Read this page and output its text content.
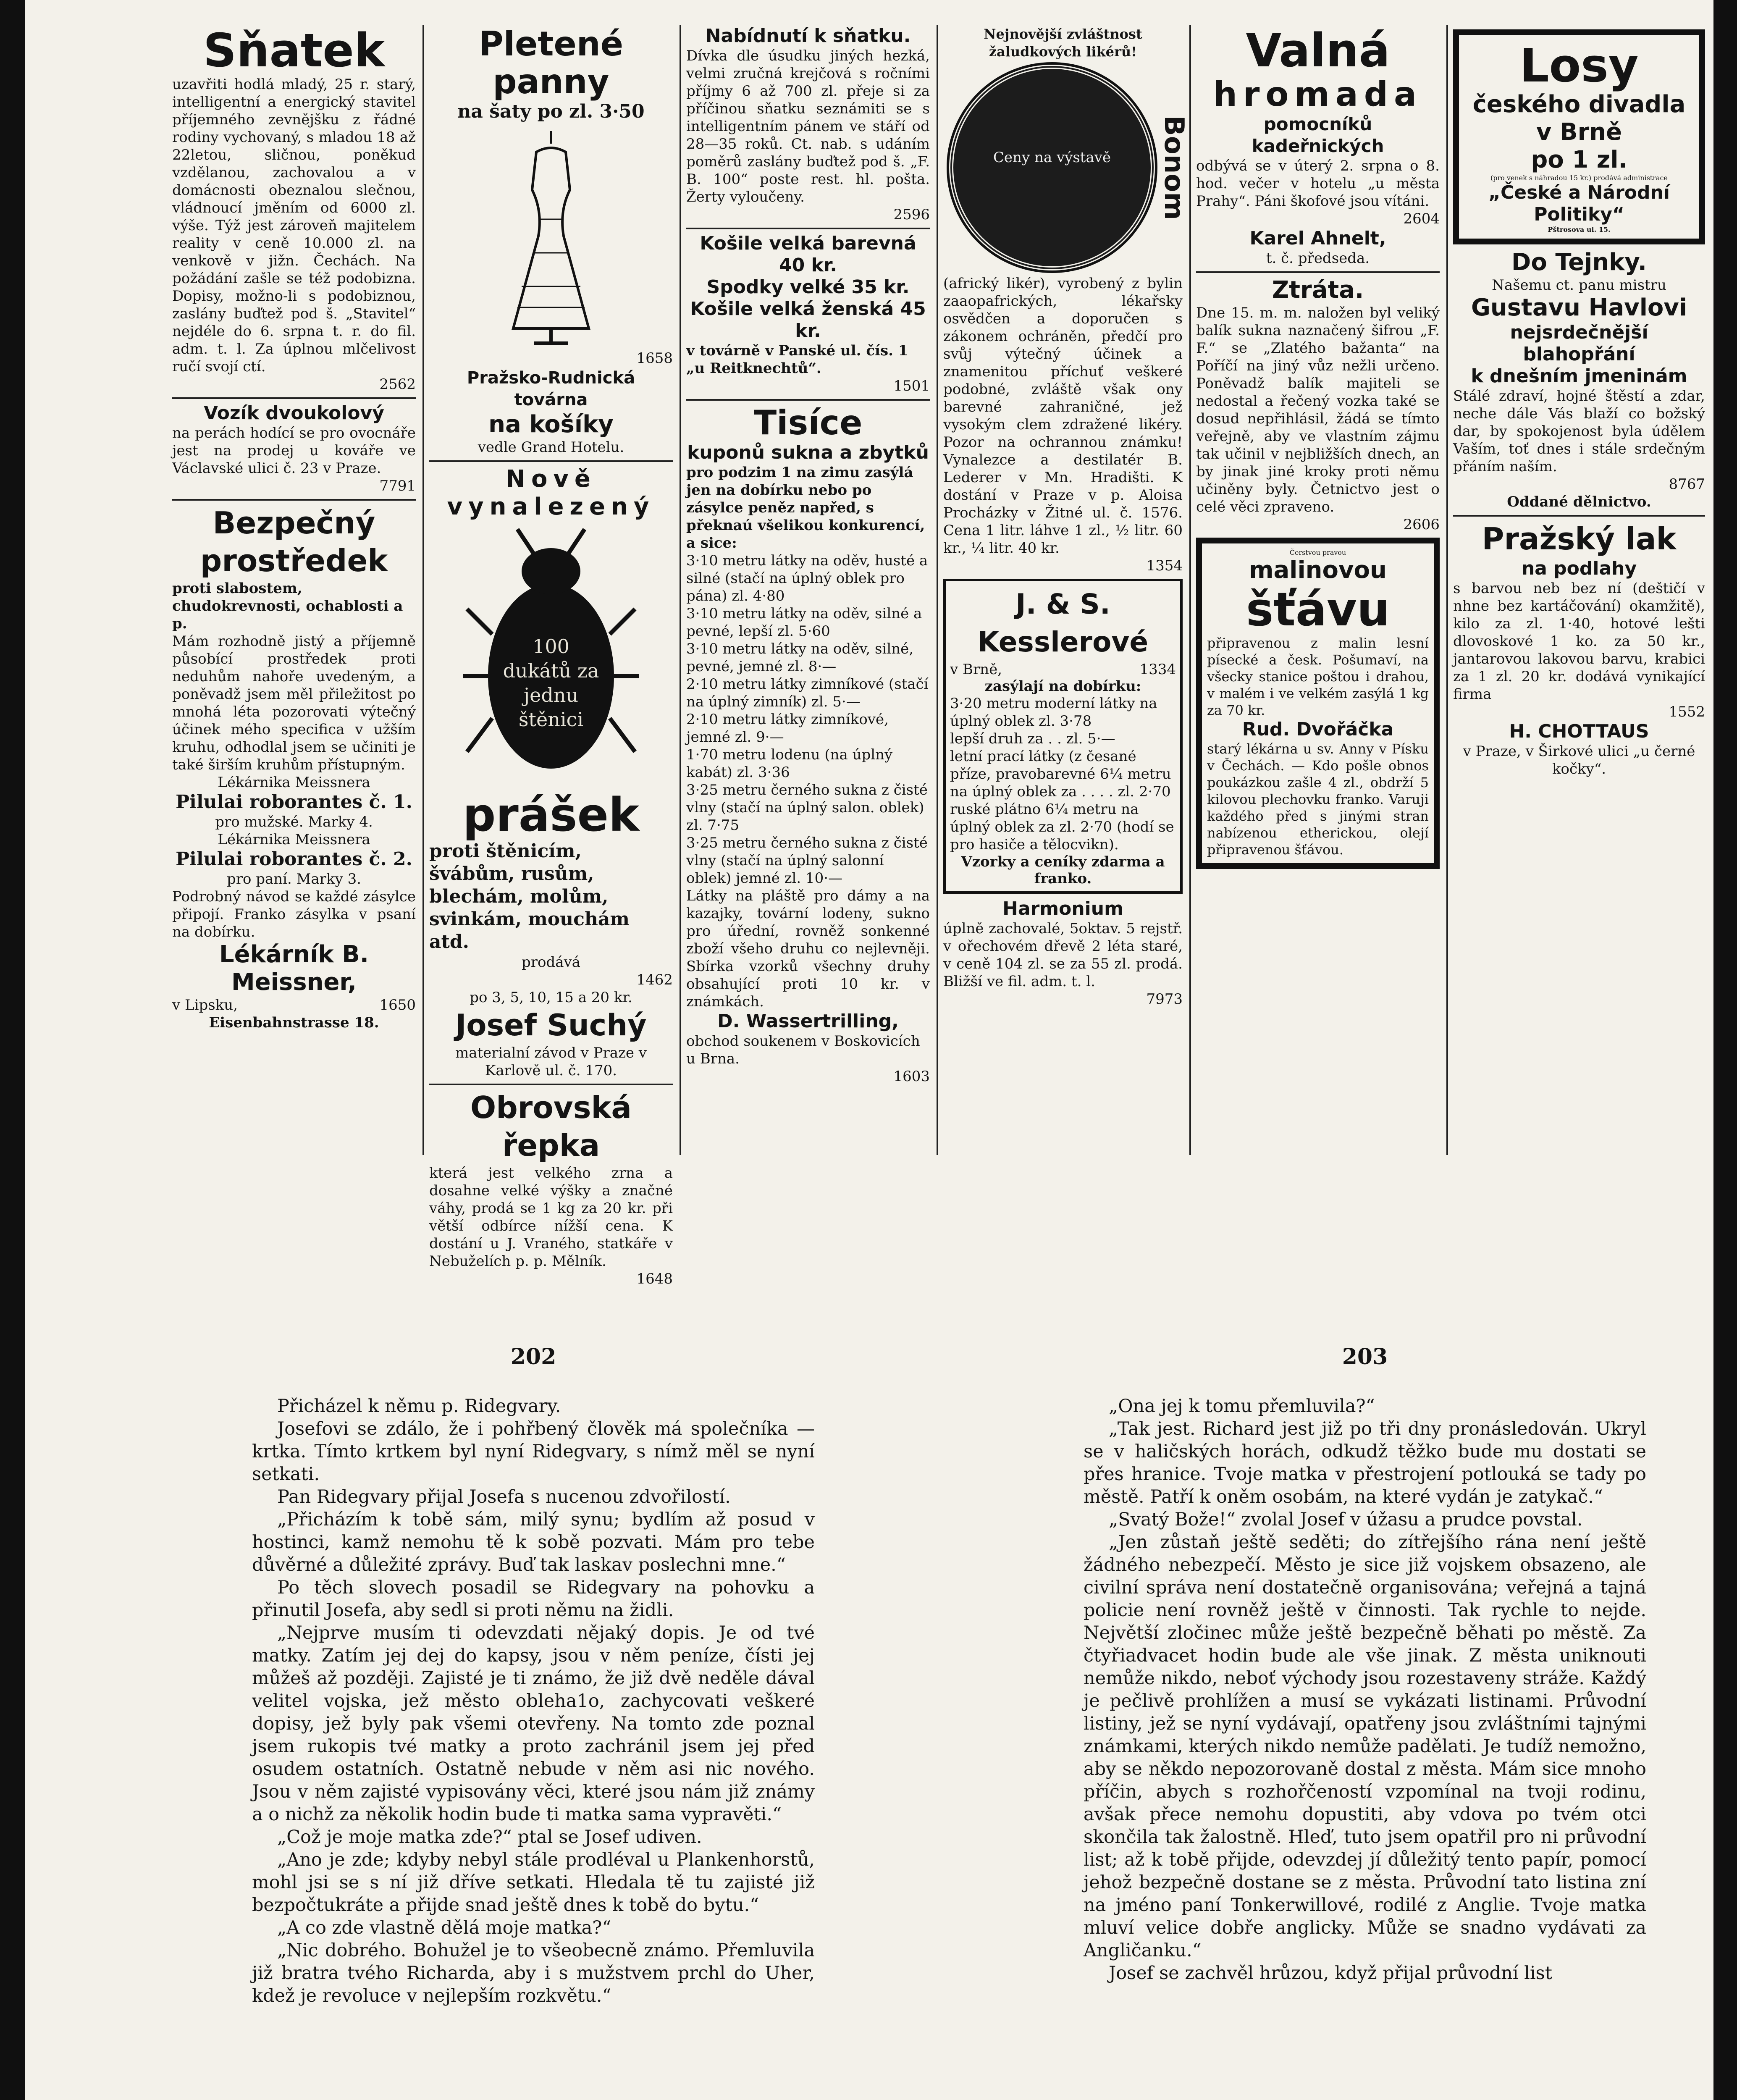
Sňatek
uzavřiti hodlá mladý, 25 r. starý, intelligentní a energický stavitel příjemného zevnějšku z řádné rodiny vychovaný, s mladou 18 až 22letou, sličnou, poněkud vzdělanou, zachovalou a v domácnosti obeznalou slečnou, vládnoucí jměním od 6000 zl. výše. Týž jest zároveň majitelem reality v ceně 10.000 zl. na venkově v jižn. Čechách. Na požádání zašle se též podobizna. Dopisy, možno-li s podobiznou, zaslány buďtež pod š. „Stavitel“ nejdéle do 6. srpna t. r. do fil. adm. t. l. Za úplnou mlčelivost ručí svojí ctí.
2562
Vozík dvoukolový
na perách hodící se pro ovocnáře jest na prodej u kováře ve Václavské ulici č. 23 v Praze.
7791
Bezpečný prostředek
proti slabostem, chudokrevnosti, ochablosti a p.
Mám rozhodně jistý a příjemně působící prostředek proti neduhům nahoře uvedeným, a poněvadž jsem měl přiležitost po mnohá léta pozorovati výtečný účinek mého specifica v užším kruhu, odhodlal jsem se učiniti je také širším kruhům přístupným.
Lékárnika Meissnera
Pilulai roborantes č. 1.
pro mužské. Marky 4.
Lékárnika Meissnera
Pilulai roborantes č. 2.
pro paní. Marky 3.
Podrobný návod se každé zásylce připojí. Franko zásylka v psaní na dobírku.
Lékárník B. Meissner,
v Lipsku,	1650
Eisenbahnstrasse 18.
Pletené panny
na šaty po zl. 3·50
1658
Pražsko-Rudnická továrna
na košíky
vedle Grand Hotelu.
Nově vynalezený
100 dukátů za jednu štěnici
prášek
proti štěnicím, švábům, rusům, blechám, molům, svinkám, mouchám atd.
prodává
1462
po 3, 5, 10, 15 a 20 kr.
Josef Suchý
materialní závod v Praze v Karlově ul. č. 170.
Obrovská řepka
která jest velkého zrna a dosahne velké výšky a značné váhy, prodá se 1 kg za 20 kr. při větší odbírce nížší cena. K dostání u J. Vraného, statkáře v Nebuželích p. p. Mělník.
1648
Nabídnutí k sňatku.
Dívka dle úsudku jiných hezká, velmi zručná krejčová s ročními příjmy 6 až 700 zl. přeje si za příčinou sňatku seznámiti se s intelligentním pánem ve stáří od 28—35 roků. Ct. nab. s udáním poměrů zaslány buďtež pod š. „F. B. 100“ poste rest. hl. pošta. Žerty vyloučeny.
2596
Košile velká barevná 40 kr.
Spodky velké 35 kr.
Košile velká ženská 45 kr.
v továrně v Panské ul. čís. 1 „u Reitknechtů“.
1501
Tisíce
kuponů sukna a zbytků
pro podzim 1 na zimu zasýlá jen na dobírku nebo po zásylce peněz napřed, s překnaú všelikou konkurencí, a sice:
3·10 metru látky na oděv, husté a silné (stačí na úplný oblek pro pána) zl. 4·80
3·10 metru látky na oděv, silné a pevné, lepší zl. 5·60
3·10 metru látky na oděv, silné, pevné, jemné zl. 8·—
2·10 metru látky zimníkové (stačí na úplný zimník) zl. 5·—
2·10 metru látky zimníkové, jemné zl. 9·—
1·70 metru lodenu (na úplný kabát) zl. 3·36
3·25 metru černého sukna z čisté vlny (stačí na úplný salon. oblek) zl. 7·75
3·25 metru černého sukna z čisté vlny (stačí na úplný salonní oblek) jemné zl. 10·—
Látky na pláště pro dámy a na kazajky, tovární lodeny, sukno pro úřední, rovněž sonkenné zboží všeho druhu co nejlevněji. Sbírka vzorků všechny druhy obsahující proti 10 kr. v známkách.
D. Wassertrilling,
obchod soukenem v Boskovicích u Brna.
1603
Nejnovější zvláštnost žaludkových likérů!
Ceny na výstavě	Bonom
(africký likér), vyrobený z bylin zaaopafrických, lékařsky osvědčen a doporučen s zákonem ochráněn, předčí pro svůj výtečný účinek a znamenitou příchuť veškeré podobné, zvláště však ony barevné zahraničné, jež vysokým clem zdražené likéry. Pozor na ochrannou známku! Vynalezce a destilatér B. Lederer v Mn. Hradišti. K dostání v Praze v p. Aloisa Procházky v Žitné ul. č. 1576. Cena 1 litr. láhve 1 zl., ½ litr. 60 kr., ¼ litr. 40 kr.
1354
J. & S. Kesslerové
v Brně,	1334
zasýlají na dobírku:
3·20 metru moderní látky na úplný oblek zl. 3·78
lepší druh za . . zl. 5·—
letní prací látky (z česané příze, pravobarevné 6¼ metru na úplný oblek za . . . . zl. 2·70
ruské plátno 6¼ metru na úplný oblek za zl. 2·70 (hodí se pro hasiče a tělocvikn).
Vzorky a ceníky zdarma a franko.
Harmonium
úplně zachovalé, 5oktav. 5 rejstř. v ořechovém dřevě 2 léta staré, v ceně 104 zl. se za 55 zl. prodá. Bližší ve fil. adm. t. l.
7973
Valná
hromada
pomocníků kadeřnických
odbývá se v úterý 2. srpna o 8. hod. večer v hotelu „u města Prahy“. Páni škofové jsou vítáni.
2604
Karel Ahnelt,
t. č. předseda.
Ztráta.
Dne 15. m. m. naložen byl veliký balík sukna naznačený šifrou „F. F.“ se „Zlatého bažanta“ na Poříčí na jiný vůz nežli určeno. Poněvadž balík majiteli se nedostal a řečený vozka také se dosud nepřihlásil, žádá se tímto veřejně, aby ve vlastním zájmu tak učinil v nejbližších dnech, an by jinak jiné kroky proti němu učiněny byly. Četnictvo jest o celé věci zpraveno.
2606
Čerstvou pravou
malinovou
šťávu
připravenou z malin lesní písecké a česk. Pošumaví, na všecky stanice poštou i drahou, v malém i ve velkém zasýlá 1 kg za 70 kr.
Rud. Dvořáčka
starý lékárna u sv. Anny v Písku v Čechách. — Kdo pošle obnos poukázkou zašle 4 zl., obdrží 5 kilovou plechovku franko. Varuji každého před s jinými stran nabízenou etherickou, olejí připravenou šťávou.
Losy
českého divadla
v Brně
po 1 zl.
(pro venek s náhradou 15 kr.) prodává administrace
„České a Národní Politiky“
Pštrosova ul. 15.
Do Tejnky.
Našemu ct. panu mistru
Gustavu Havlovi
nejsrdečnější blahopřání
k dnešním jmeninám
Stálé zdraví, hojné štěstí a zdar, neche dále Vás blaží co božský dar, by spokojenost byla údělem Vaším, toť dnes i stále srdečným přáním naším.
8767
Oddané dělnictvo.
Pražský lak
na podlahy
s barvou neb bez ní (deštičí v nhne bez kartáčování) okamžitě), kilo za zl. 1·40, hotové lešti dlovoskové 1 ko. za 50 kr., jantarovou lakovou barvu, krabici za 1 zl. 20 kr. dodává vynikající firma
1552
H. CHOTTAUS
v Praze, v Širkové ulici „u černé kočky“.
202

Přicházel k němu p. Ridegvary.

Josefovi se zdálo, že i pohřbený člověk má společníka — krtka. Tímto krtkem byl nyní Ridegvary, s nímž měl se nyní setkati.

Pan Ridegvary přijal Josefa s nucenou zdvořilostí.

„Přicházím k tobě sám, milý synu; bydlím až posud v hostinci, kamž nemohu tě k sobě pozvati. Mám pro tebe důvěrné a důležité zprávy. Buď tak laskav poslechni mne.“

Po těch slovech posadil se Ridegvary na pohovku a přinutil Josefa, aby sedl si proti němu na židli.

„Nejprve musím ti odevzdati nějaký dopis. Je od tvé matky. Zatím jej dej do kapsy, jsou v něm peníze, čísti jej můžeš až později. Zajisté je ti známo, že již dvě neděle dával velitel vojska, jež město obleha1o, zachycovati veškeré dopisy, jež byly pak všemi otevřeny. Na tomto zde poznal jsem rukopis tvé matky a proto zachránil jsem jej před osudem ostatních. Ostatně nebude v něm asi nic nového. Jsou v něm zajisté vypisovány věci, které jsou nám již známy a o nichž za několik hodin bude ti matka sama vypravěti.“

„Což je moje matka zde?“ ptal se Josef udiven.

„Ano je zde; kdyby nebyl stále prodléval u Plankenhorstů, mohl jsi se s ní již dříve setkati. Hledala tě tu zajisté již bezpočtukráte a přijde snad ještě dnes k tobě do bytu.“

„A co zde vlastně dělá moje matka?“

„Nic dobrého. Bohužel je to všeobecně známo. Přemluvila již bratra tvého Richarda, aby i s mužstvem prchl do Uher, kdež je revoluce v nejlepším rozkvětu.“

203

„Ona jej k tomu přemluvila?“

„Tak jest. Richard jest již po tři dny pronásledován. Ukryl se v haličských horách, odkudž těžko bude mu dostati se přes hranice. Tvoje matka v přestrojení potlouká se tady po městě. Patří k oněm osobám, na které vydán je zatykač.“

„Svatý Bože!“ zvolal Josef v úžasu a prudce povstal.

„Jen zůstaň ještě seděti; do zítřejšího rána není ještě žádného nebezpečí. Město je sice již vojskem obsazeno, ale civilní správa není dostatečně organisována; veřejná a tajná policie není rovněž ještě v činnosti. Tak rychle to nejde. Největší zločinec může ještě bezpečně běhati po městě. Za čtyřiadvacet hodin bude ale vše jinak. Z města uniknouti nemůže nikdo, neboť východy jsou rozestaveny stráže. Každý je pečlivě prohlížen a musí se vykázati listinami. Průvodní listiny, jež se nyní vydávají, opatřeny jsou zvláštními tajnými známkami, kterých nikdo nemůže padělati. Je tudíž nemožno, aby se někdo nepozorovaně dostal z města. Mám sice mnoho příčin, abych s rozhořčeností vzpomínal na tvoji rodinu, avšak přece nemohu dopustiti, aby vdova po tvém otci skončila tak žalostně. Hleď, tuto jsem opatřil pro ni průvodní list; až k tobě přijde, odevzdej jí důležitý tento papír, pomocí jehož bezpečně dostane se z města. Průvodní tato listina zní na jméno paní Tonkerwillové, rodilé z Anglie. Tvoje matka mluví velice dobře anglicky. Může se snadno vydávati za Angličanku.“

Josef se zachvěl hrůzou, když přijal průvodní list
